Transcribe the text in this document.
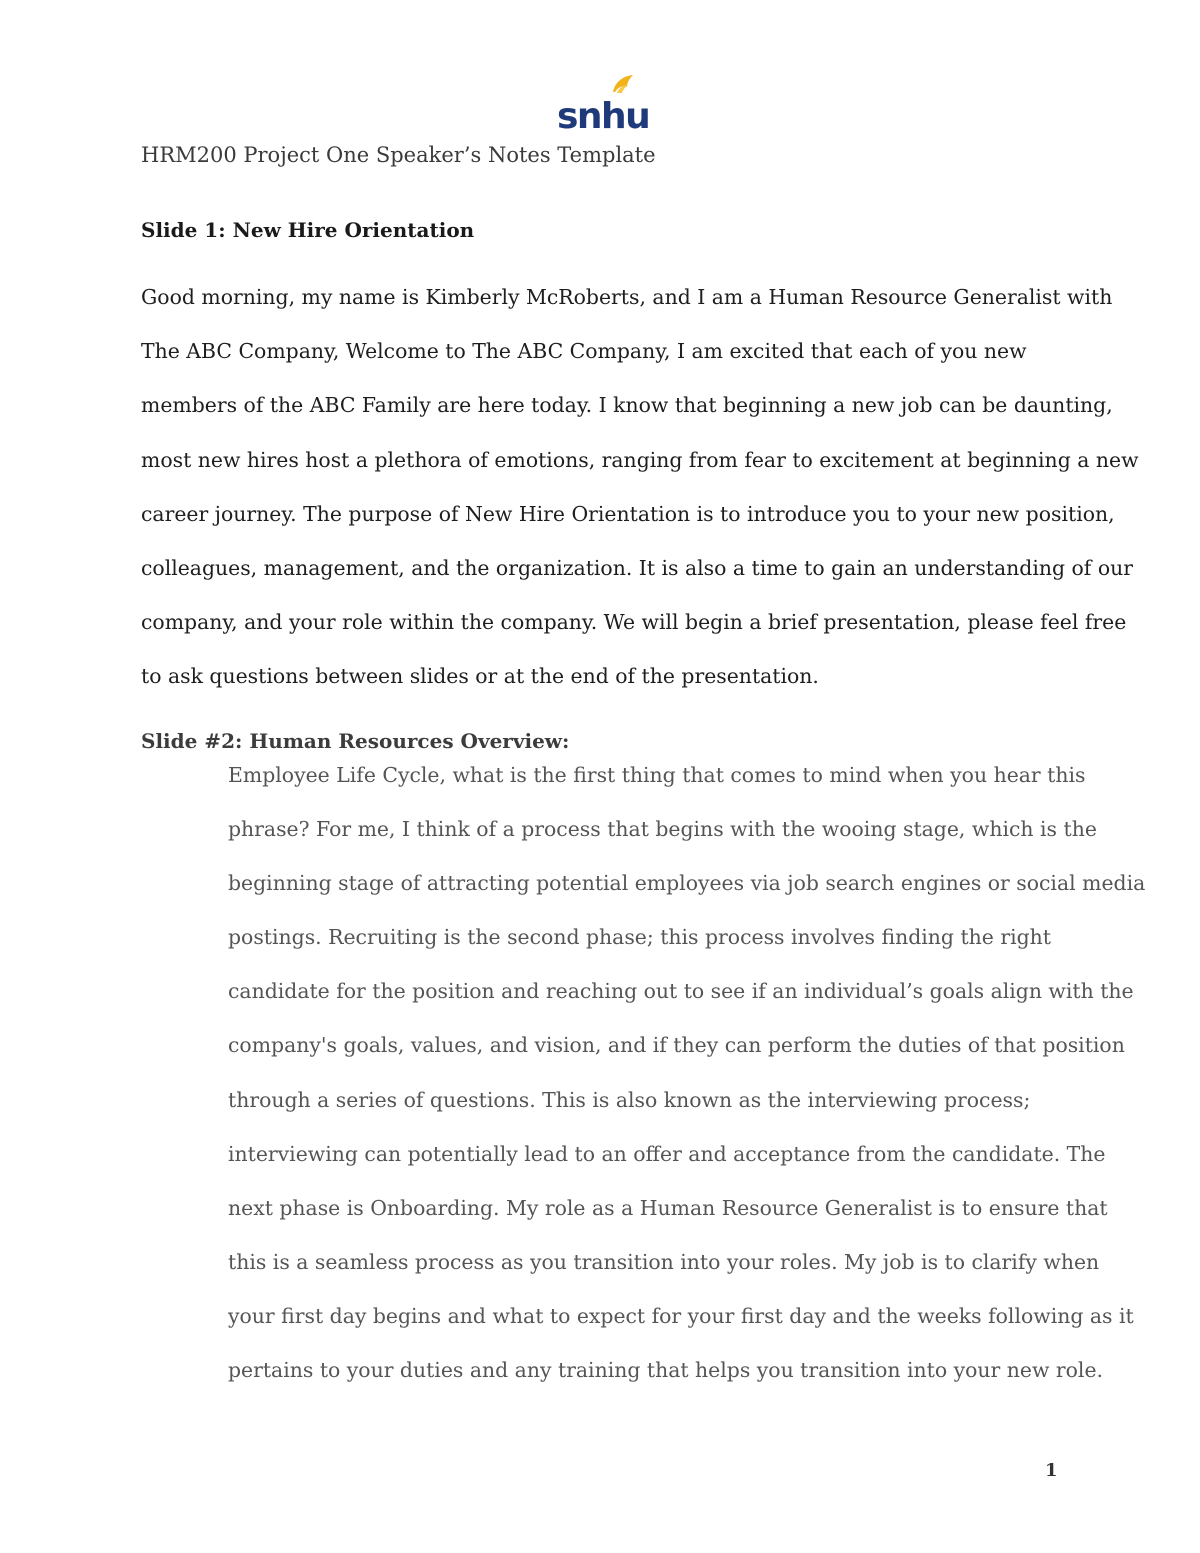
snhu
HRM200 Project One Speaker’s Notes Template
Slide 1: New Hire Orientation
Good morning, my name is Kimberly McRoberts, and I am a Human Resource Generalist with
The ABC Company, Welcome to The ABC Company, I am excited that each of you new
members of the ABC Family are here today. I know that beginning a new job can be daunting,
most new hires host a plethora of emotions, ranging from fear to excitement at beginning a new
career journey. The purpose of New Hire Orientation is to introduce you to your new position,
colleagues, management, and the organization. It is also a time to gain an understanding of our
company, and your role within the company. We will begin a brief presentation, please feel free
to ask questions between slides or at the end of the presentation.
Slide #2: Human Resources Overview:
Employee Life Cycle, what is the first thing that comes to mind when you hear this
phrase? For me, I think of a process that begins with the wooing stage, which is the
beginning stage of attracting potential employees via job search engines or social media
postings. Recruiting is the second phase; this process involves finding the right
candidate for the position and reaching out to see if an individual’s goals align with the
company's goals, values, and vision, and if they can perform the duties of that position
through a series of questions. This is also known as the interviewing process;
interviewing can potentially lead to an offer and acceptance from the candidate. The
next phase is Onboarding. My role as a Human Resource Generalist is to ensure that
this is a seamless process as you transition into your roles. My job is to clarify when
your first day begins and what to expect for your first day and the weeks following as it
pertains to your duties and any training that helps you transition into your new role.
1
